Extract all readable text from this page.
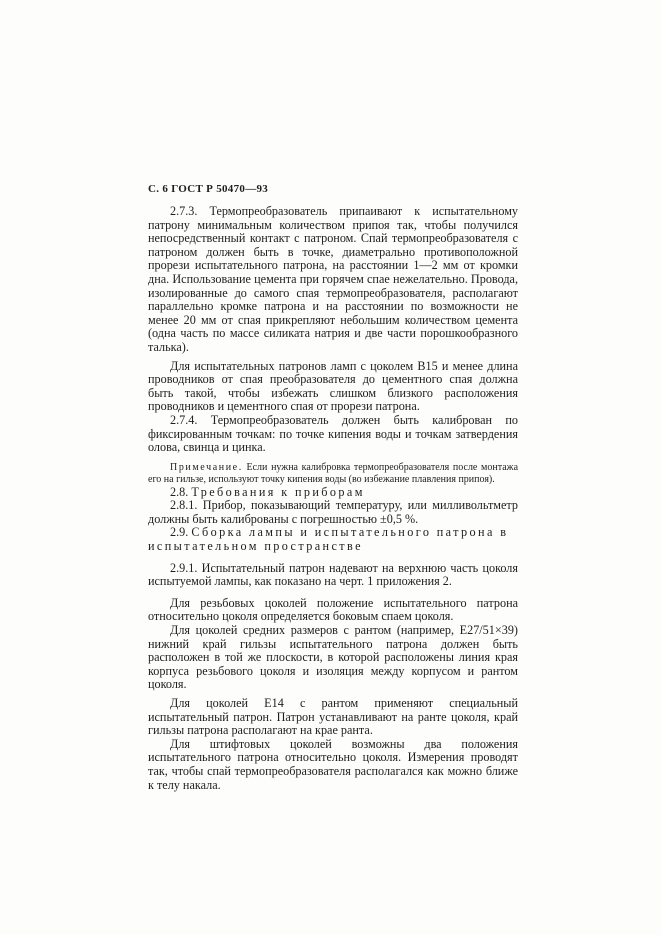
С. 6 ГОСТ Р 50470—93

2.7.3. Термопреобразователь припаивают к испытательному патрону минимальным количеством припоя так, чтобы получился непосредственный контакт с патроном. Спай термопреобразователя с патроном должен быть в точке, диаметрально противоположной прорези испытательного патрона, на расстоянии 1—2 мм от кромки дна. Использование цемента при горячем спае нежелательно. Провода, изолированные до самого спая термопреобразователя, располагают параллельно кромке патрона и на расстоянии по возможности не менее 20 мм от спая прикрепляют небольшим количеством цемента (одна часть по массе силиката натрия и две части порошкообразного талька).

Для испытательных патронов ламп с цоколем В15 и менее длина проводников от спая преобразователя до цементного спая должна быть такой, чтобы избежать слишком близкого расположения проводников и цементного спая от прорези патрона.

2.7.4. Термопреобразователь должен быть калиброван по фиксированным точкам: по точке кипения воды и точкам затвердения олова, свинца и цинка.

Примечание. Если нужна калибровка термопреобразователя после монтажа его на гильзе, используют точку кипения воды (во избежание плавления припоя).

2.8. Требования к приборам

2.8.1. Прибор, показывающий температуру, или милливольтметр должны быть калиброваны с погрешностью ±0,5 %.

2.9. Сборка лампы и испытательного патрона в испытательном пространстве

2.9.1. Испытательный патрон надевают на верхнюю часть цоколя испытуемой лампы, как показано на черт. 1 приложения 2.

Для резьбовых цоколей положение испытательного патрона относительно цоколя определяется боковым спаем цоколя.

Для цоколей средних размеров с рантом (например, Е27/51×39) нижний край гильзы испытательного патрона должен быть расположен в той же плоскости, в которой расположены линия края корпуса резьбового цоколя и изоляция между корпусом и рантом цоколя.

Для цоколей Е14 с рантом применяют специальный испытательный патрон. Патрон устанавливают на ранте цоколя, край гильзы патрона располагают на крае ранта.

Для штифтовых цоколей возможны два положения испытательного патрона относительно цоколя. Измерения проводят так, чтобы спай термопреобразователя располагался как можно ближе к телу накала.
